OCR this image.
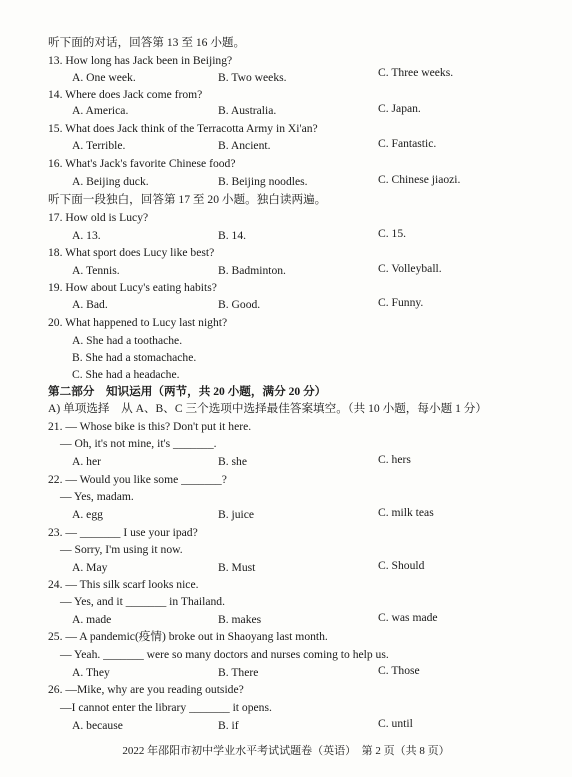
听下面的对话，回答第 13 至 16 小题。
13. How long has Jack been in Beijing?
A. One week.	B. Two weeks.	C. Three weeks.
14. Where does Jack come from?
A. America.	B. Australia.	C. Japan.
15. What does Jack think of the Terracotta Army in Xi'an?
A. Terrible.	B. Ancient.	C. Fantastic.
16. What's Jack's favorite Chinese food?
A. Beijing duck.	B. Beijing noodles.	C. Chinese jiaozi.
听下面一段独白，回答第 17 至 20 小题。独白读两遍。
17. How old is Lucy?
A. 13.	B. 14.	C. 15.
18. What sport does Lucy like best?
A. Tennis.	B. Badminton.	C. Volleyball.
19. How about Lucy's eating habits?
A. Bad.	B. Good.	C. Funny.
20. What happened to Lucy last night?
A. She had a toothache.
B. She had a stomachache.
C. She had a headache.
第二部分　知识运用（两节，共 20 小题，满分 20 分）
A) 单项选择　从 A、B、C 三个选项中选择最佳答案填空。（共 10 小题，每小题 1 分）
21. — Whose bike is this? Don't put it here.
— Oh, it's not mine, it's _______.
A. her	B. she	C. hers
22. — Would you like some _______?
— Yes, madam.
A. egg	B. juice	C. milk teas
23. — _______ I use your ipad?
— Sorry, I'm using it now.
A. May	B. Must	C. Should
24. — This silk scarf looks nice.
— Yes, and it _______ in Thailand.
A. made	B. makes	C. was made
25. — A pandemic(疫情) broke out in Shaoyang last month.
— Yeah. _______ were so many doctors and nurses coming to help us.
A. They	B. There	C. Those
26. —Mike, why are you reading outside?
—I cannot enter the library _______ it opens.
A. because	B. if	C. until
2022 年邵阳市初中学业水平考试试题卷（英语）　第 2 页（共 8 页）
